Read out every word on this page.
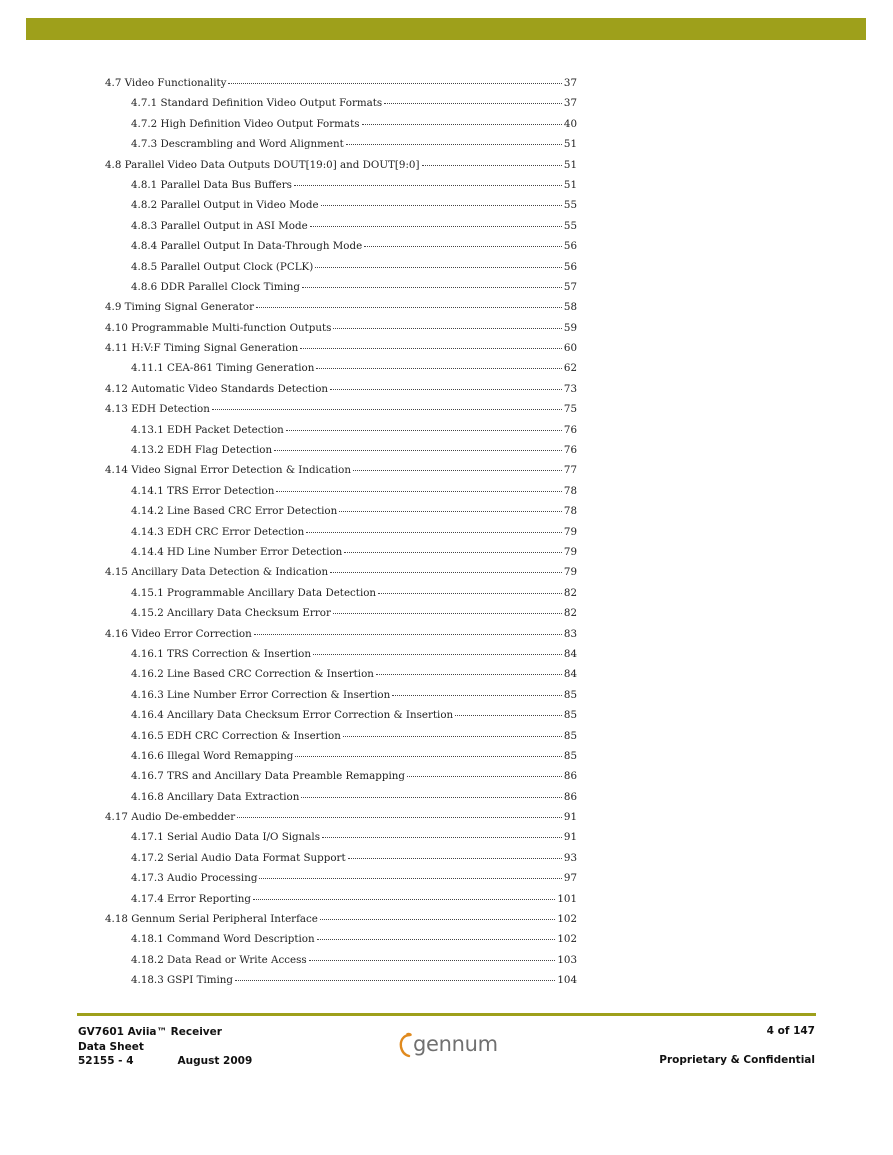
4.7 Video Functionality	37
4.7.1 Standard Definition Video Output Formats	37
4.7.2 High Definition Video Output Formats	40
4.7.3 Descrambling and Word Alignment	51
4.8 Parallel Video Data Outputs DOUT[19:0] and DOUT[9:0]	51
4.8.1 Parallel Data Bus Buffers	51
4.8.2 Parallel Output in Video Mode	55
4.8.3 Parallel Output in ASI Mode	55
4.8.4 Parallel Output In Data-Through Mode	56
4.8.5 Parallel Output Clock (PCLK)	56
4.8.6 DDR Parallel Clock Timing	57
4.9 Timing Signal Generator	58
4.10 Programmable Multi-function Outputs	59
4.11 H:V:F Timing Signal Generation	60
4.11.1 CEA-861 Timing Generation	62
4.12 Automatic Video Standards Detection	73
4.13 EDH Detection	75
4.13.1 EDH Packet Detection	76
4.13.2 EDH Flag Detection	76
4.14 Video Signal Error Detection & Indication	77
4.14.1 TRS Error Detection	78
4.14.2 Line Based CRC Error Detection	78
4.14.3 EDH CRC Error Detection	79
4.14.4 HD Line Number Error Detection	79
4.15 Ancillary Data Detection & Indication	79
4.15.1 Programmable Ancillary Data Detection	82
4.15.2 Ancillary Data Checksum Error	82
4.16 Video Error Correction	83
4.16.1 TRS Correction & Insertion	84
4.16.2 Line Based CRC Correction & Insertion	84
4.16.3 Line Number Error Correction & Insertion	85
4.16.4 Ancillary Data Checksum Error Correction & Insertion	85
4.16.5 EDH CRC Correction & Insertion	85
4.16.6 Illegal Word Remapping	85
4.16.7 TRS and Ancillary Data Preamble Remapping	86
4.16.8 Ancillary Data Extraction	86
4.17 Audio De-embedder	91
4.17.1 Serial Audio Data I/O Signals	91
4.17.2 Serial Audio Data Format Support	93
4.17.3 Audio Processing	97
4.17.4 Error Reporting	101
4.18 Gennum Serial Peripheral Interface	102
4.18.1 Command Word Description	102
4.18.2 Data Read or Write Access	103
4.18.3 GSPI Timing	104
GV7601 Aviia™ Receiver
Data Sheet
52155 - 4	August 2009
gennum
4 of 147
Proprietary & Confidential
